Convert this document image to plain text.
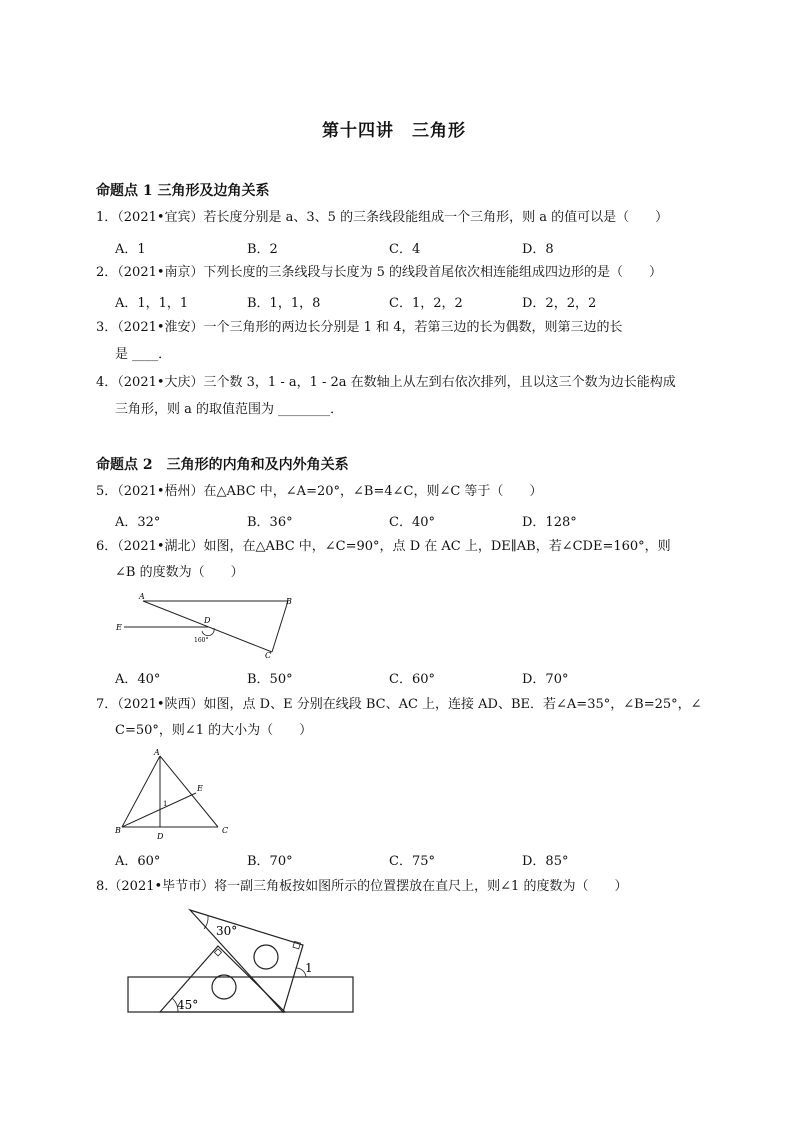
第十四讲　三角形
命题点 1 三角形及边角关系
1．（2021•宜宾）若长度分别是 a、3、5 的三条线段能组成一个三角形，则 a 的值可以是（　　）
A．1	B．2	C．4	D．8
2．（2021•南京）下列长度的三条线段与长度为 5 的线段首尾依次相连能组成四边形的是（　　）
A．1，1，1	B．1，1，8	C．1，2，2	D．2，2，2
3．（2021•淮安）一个三角形的两边长分别是 1 和 4，若第三边的长为偶数，则第三边的长
是 ____．
4．（2021•大庆）三个数 3，1 - a，1 - 2a 在数轴上从左到右依次排列，且以这三个数为边长能构成
三角形，则 a 的取值范围为 ________．
命题点 2　三角形的内角和及内外角关系
5．（2021•梧州）在△ABC 中，∠A=20°，∠B=4∠C，则∠C 等于（　　）
A．32°	B．36°	C．40°	D．128°
6．（2021•湖北）如图，在△ABC 中，∠C=90°，点 D 在 AC 上，DE∥AB，若∠CDE=160°，则
∠B 的度数为（　　）
A
B
E
D
C
160°
A．40°	B．50°	C．60°	D．70°
7．（2021•陕西）如图，点 D、E 分别在线段 BC、AC 上，连接 AD、BE．若∠A=35°，∠B=25°，∠
C=50°，则∠1 的大小为（　　）
A
E
1
B
D
C
A．60°	B．70°	C．75°	D．85°
8.（2021•毕节市）将一副三角板按如图所示的位置摆放在直尺上，则∠1 的度数为（　　）
30°
1
45°
